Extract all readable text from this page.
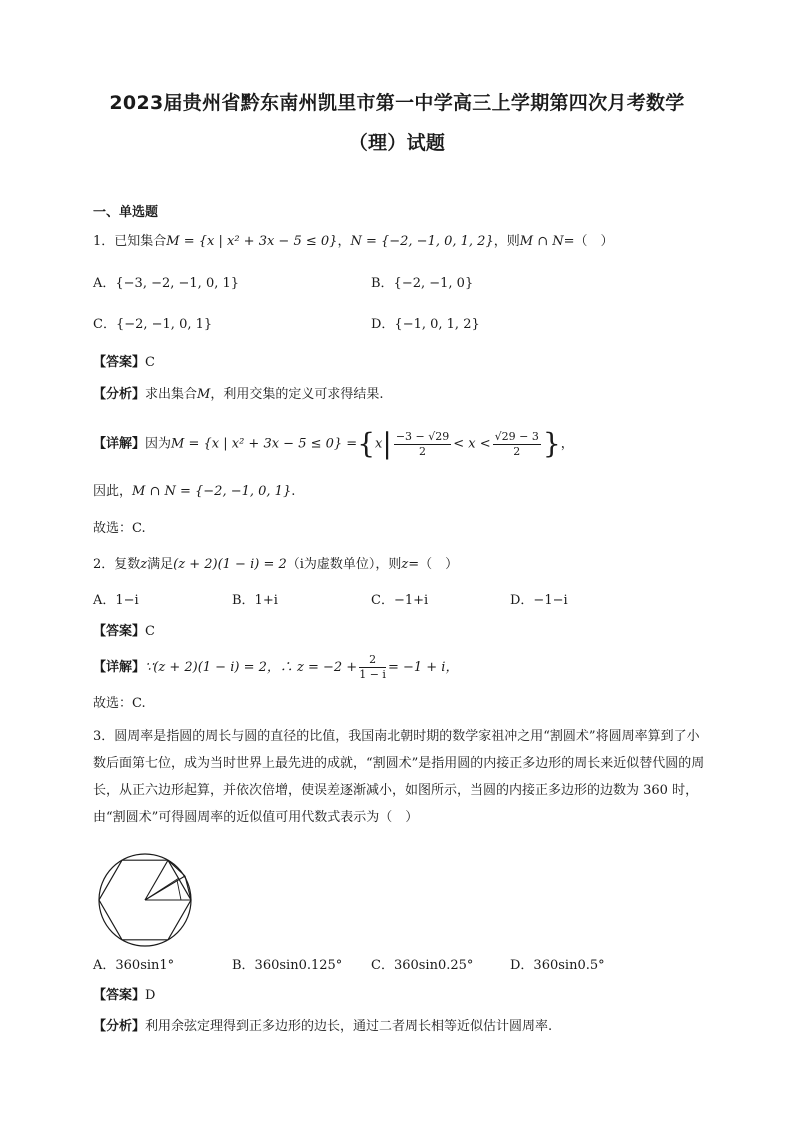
2023届贵州省黔东南州凯里市第一中学高三上学期第四次月考数学
（理）试题
一、单选题
1．已知集合M = {x | x² + 3x − 5 ≤ 0}，N = {−2, −1, 0, 1, 2}，则M ∩ N=（　）
A．{−3, −2, −1, 0, 1}	B．{−2, −1, 0}
C．{−2, −1, 0, 1}	D．{−1, 0, 1, 2}
【答案】C
【分析】求出集合M，利用交集的定义可求得结果.
【详解】因为M = {x | $x^2 + 3x - 5 \le 0\} =\{x| \frac{-3 - √29}{2} < x < \frac{√29 - 3}{2}$ }，
因此，M ∩ N = {−2, −1, 0, 1}.
故选：C.
2．复数z满足(z + 2)(1 − i) = 2（i为虚数单位），则z=（　）
A．1−i	B．1+i	C．−1+i	D．−1−i
【答案】C
【详解】∵(z + 2)(1 − i) = 2，∴ $z = -2 + \frac{2}{1 - i} = -1 + i$，
故选：C.
3．圆周率是指圆的周长与圆的直径的比值，我国南北朝时期的数学家祖冲之用“割圆术”将圆周率算到了小数后面第七位，成为当时世界上最先进的成就，“割圆术”是指用圆的内接正多边形的周长来近似替代圆的周长，从正六边形起算，并依次倍增，使误差逐渐减小，如图所示，当圆的内接正多边形的边数为 360 时，由“割圆术”可得圆周率的近似值可用代数式表示为（　）
A．360sin1°	B．360sin0.125° C．360sin0.25°	D．360sin0.5°
【答案】D
【分析】利用余弦定理得到正多边形的边长，通过二者周长相等近似估计圆周率.
